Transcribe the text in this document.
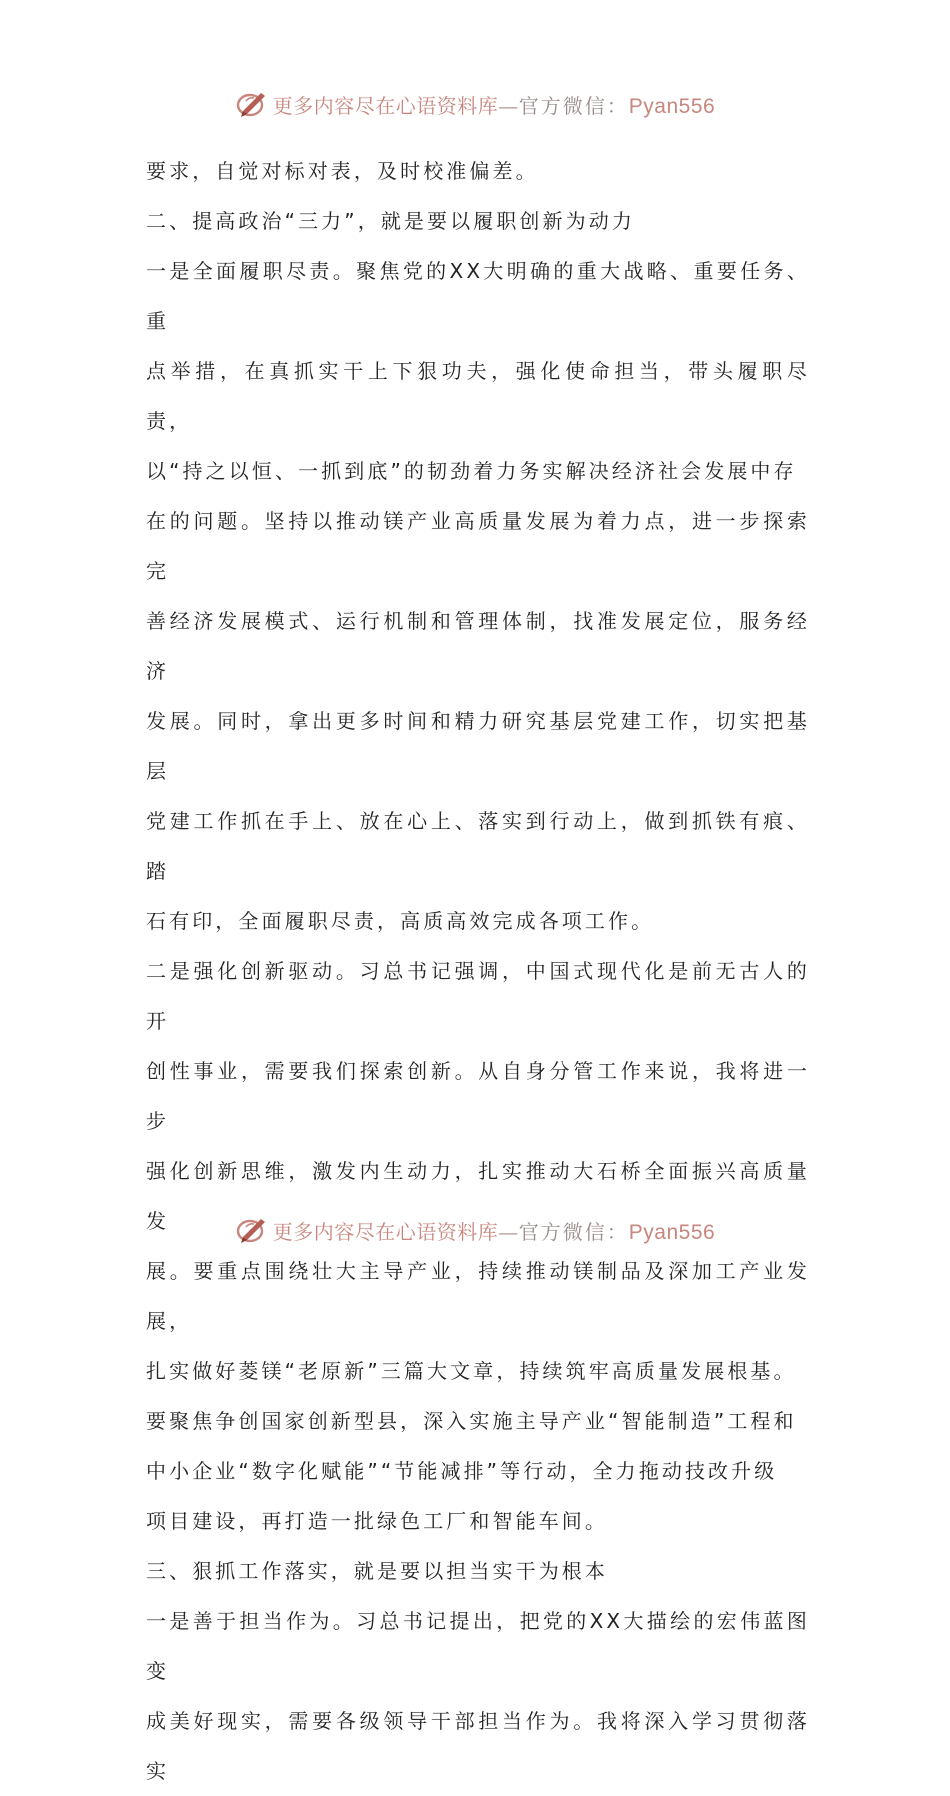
更多内容尽在心语资料库—官方微信：Pyan556

要求，自觉对标对表，及时校准偏差。

二、提高政治“三力”，就是要以履职创新为动力

一是全面履职尽责。聚焦党的XX大明确的重大战略、重要任务、重

点举措，在真抓实干上下狠功夫，强化使命担当，带头履职尽责，

以“持之以恒、一抓到底”的韧劲着力务实解决经济社会发展中存

在的问题。坚持以推动镁产业高质量发展为着力点，进一步探索完

善经济发展模式、运行机制和管理体制，找准发展定位，服务经济

发展。同时，拿出更多时间和精力研究基层党建工作，切实把基层

党建工作抓在手上、放在心上、落实到行动上，做到抓铁有痕、踏

石有印，全面履职尽责，高质高效完成各项工作。

二是强化创新驱动。习总书记强调，中国式现代化是前无古人的开

创性事业，需要我们探索创新。从自身分管工作来说，我将进一步

强化创新思维，激发内生动力，扎实推动大石桥全面振兴高质量发

展。要重点围绕壮大主导产业，持续推动镁制品及深加工产业发展，

扎实做好菱镁“老原新”三篇大文章，持续筑牢高质量发展根基。

要聚焦争创国家创新型县，深入实施主导产业“智能制造”工程和

中小企业“数字化赋能”“节能减排”等行动，全力拖动技改升级

项目建设，再打造一批绿色工厂和智能车间。

三、狠抓工作落实，就是要以担当实干为根本

一是善于担当作为。习总书记提出，把党的XX大描绘的宏伟蓝图变

成美好现实，需要各级领导干部担当作为。我将深入学习贯彻落实

更多内容尽在心语资料库—官方微信：Pyan556
